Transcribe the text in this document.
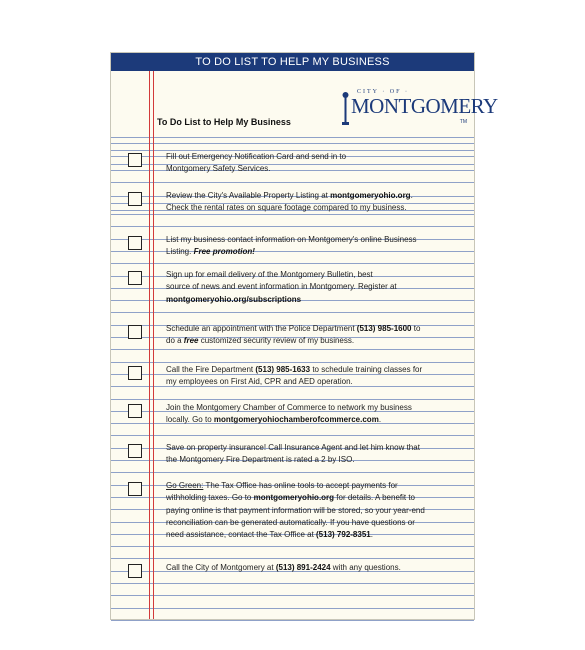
TO DO LIST TO HELP MY BUSINESS
CITY · OF ·
MONTGOMERY
TM
To Do List to Help My Business
Fill out Emergency Notification Card and send in to
Montgomery Safety Services.
Review the City's Available Property Listing at montgomeryohio.org.
Check the rental rates on square footage compared to my business.
List my business contact information on Montgomery's online Business
Listing. Free promotion!
Sign up for email delivery of the Montgomery Bulletin, best
source of news and event information in Montgomery. Register at
montgomeryohio.org/subscriptions
Schedule an appointment with the Police Department (513) 985-1600 to
do a free customized security review of my business.
Call the Fire Department (513) 985-1633 to schedule training classes for
my employees on First Aid, CPR and AED operation.
Join the Montgomery Chamber of Commerce to network my business
locally. Go to montgomeryohiochamberofcommerce.com.
Save on property insurance! Call Insurance Agent and let him know that
the Montgomery Fire Department is rated a 2 by ISO.
Go Green: The Tax Office has online tools to accept payments for
withholding taxes. Go to montgomeryohio.org for details. A benefit to
paying online is that payment information will be stored, so your year-end
reconciliation can be generated automatically. If you have questions or
need assistance, contact the Tax Office at (513) 792-8351.
Call the City of Montgomery at (513) 891-2424 with any questions.
